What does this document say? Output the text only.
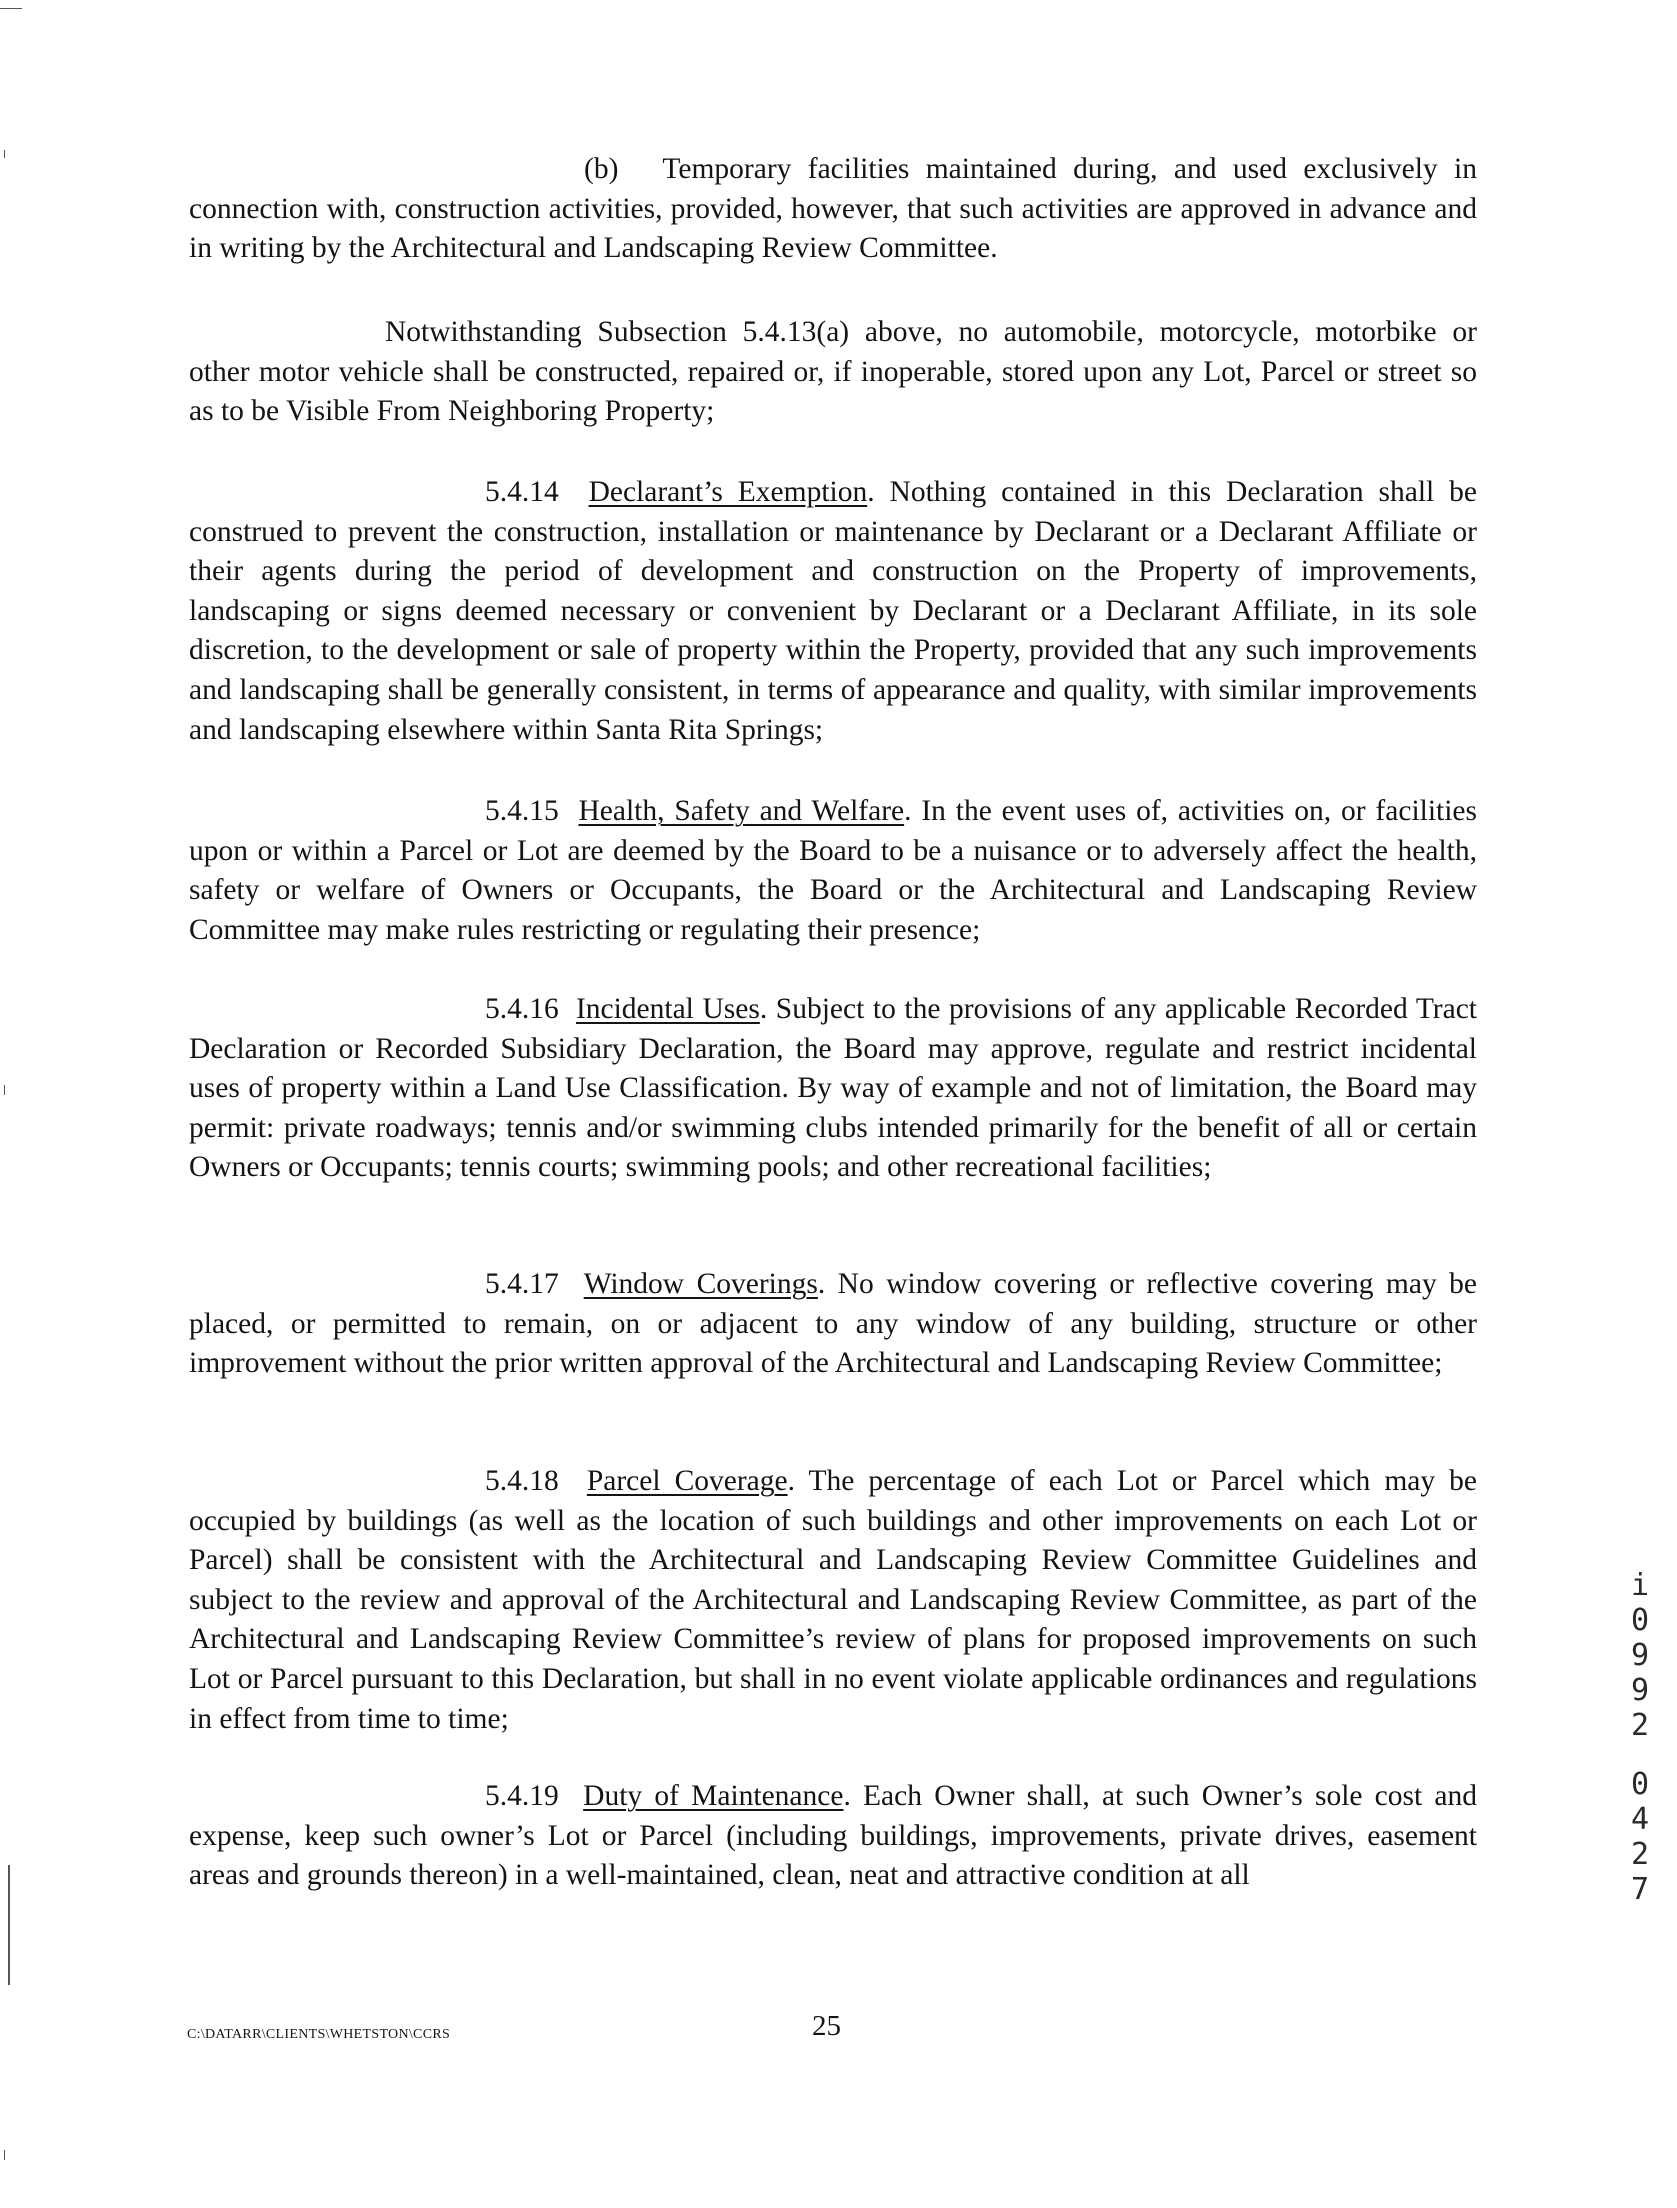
(b) Temporary facilities maintained during, and used exclusively in connection with, construction activities, provided, however, that such activities are approved in advance and in writing by the Architectural and Landscaping Review Committee.

Notwithstanding Subsection 5.4.13(a) above, no automobile, motorcycle, motorbike or other motor vehicle shall be constructed, repaired or, if inoperable, stored upon any Lot, Parcel or street so as to be Visible From Neighboring Property;

5.4.14 Declarant’s Exemption. Nothing contained in this Declaration shall be construed to prevent the construction, installation or maintenance by Declarant or a Declarant Affiliate or their agents during the period of development and construction on the Property of improvements, landscaping or signs deemed necessary or convenient by Declarant or a Declarant Affiliate, in its sole discretion, to the development or sale of property within the Property, provided that any such improvements and landscaping shall be generally consistent, in terms of appearance and quality, with similar improvements and landscaping elsewhere within Santa Rita Springs;

5.4.15 Health, Safety and Welfare. In the event uses of, activities on, or facilities upon or within a Parcel or Lot are deemed by the Board to be a nuisance or to adversely affect the health, safety or welfare of Owners or Occupants, the Board or the Architectural and Landscaping Review Committee may make rules restricting or regulating their presence;

5.4.16 Incidental Uses. Subject to the provisions of any applicable Recorded Tract Declaration or Recorded Subsidiary Declaration, the Board may approve, regulate and restrict incidental uses of property within a Land Use Classification. By way of example and not of limitation, the Board may permit: private roadways; tennis and/or swimming clubs intended primarily for the benefit of all or certain Owners or Occupants; tennis courts; swimming pools; and other recreational facilities;

5.4.17 Window Coverings. No window covering or reflective covering may be placed, or permitted to remain, on or adjacent to any window of any building, structure or other improvement without the prior written approval of the Architectural and Landscaping Review Committee;

5.4.18 Parcel Coverage. The percentage of each Lot or Parcel which may be occupied by buildings (as well as the location of such buildings and other improvements on each Lot or Parcel) shall be consistent with the Architectural and Landscaping Review Committee Guidelines and subject to the review and approval of the Architectural and Landscaping Review Committee, as part of the Architectural and Landscaping Review Committee’s review of plans for proposed improvements on such Lot or Parcel pursuant to this Declaration, but shall in no event violate applicable ordinances and regulations in effect from time to time;

5.4.19 Duty of Maintenance. Each Owner shall, at such Owner’s sole cost and expense, keep such owner’s Lot or Parcel (including buildings, improvements, private drives, easement areas and grounds thereon) in a well-maintained, clean, neat and attractive condition at all

C:\DATARR\CLIENTS\WHETSTON\CCRS	25
i
0
9
9
2
0
4
2
7
